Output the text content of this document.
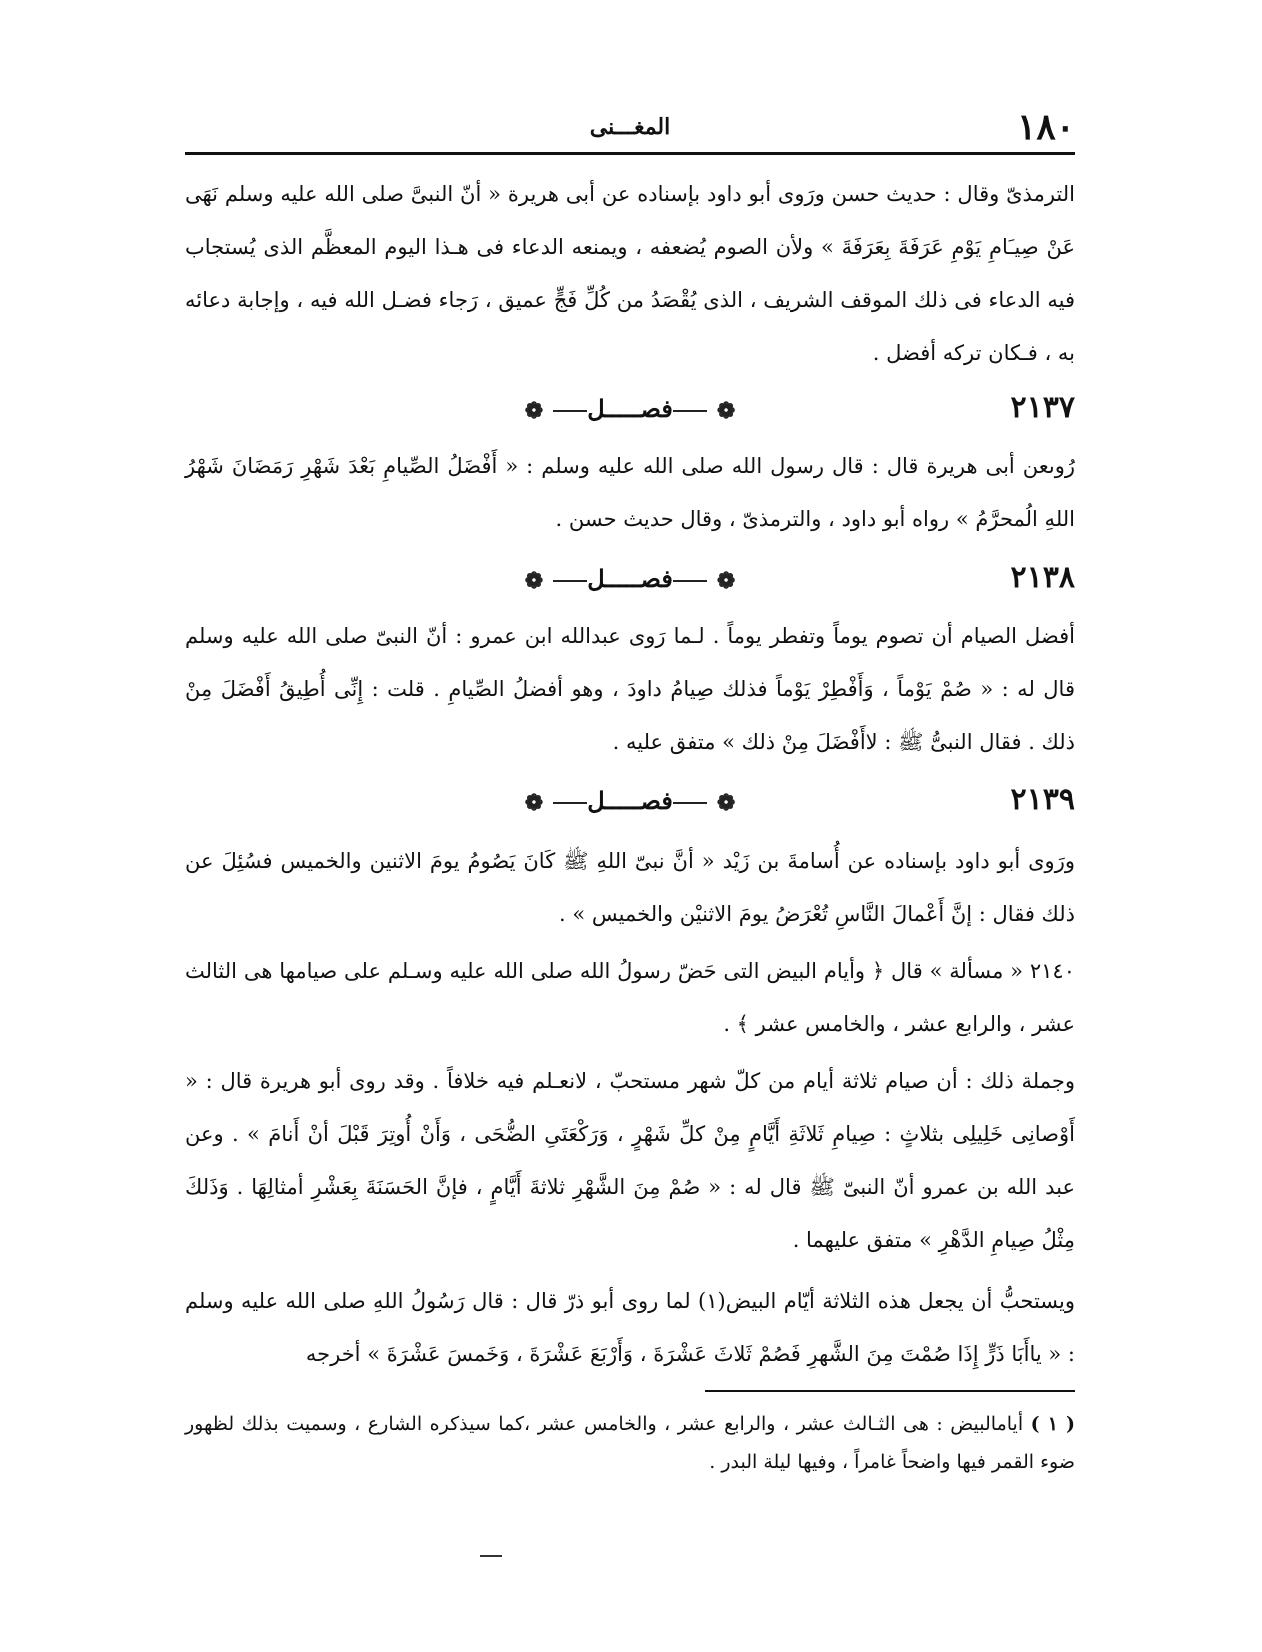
١٨٠
المغـــنى
الترمذىّ وقال : حديث حسن ورَوى أبو داود بإسناده عن أبى هريرة « أنّ النبىَّ صلى الله عليه وسلم نَهَى عَنْ صِيـَامِ يَوْمِ عَرَفَةَ بِعَرَفَةَ » ولأن الصوم يُضعفه ، ويمنعه الدعاء فى هـذا اليوم المعظَّم الذى يُستجاب فيه الدعاء فى ذلك الموقف الشريف ، الذى يُقْصَدُ من كُلِّ فَجٍّ عميق ، رَجاء فضـل الله فيه ، وإجابة دعائه به ، فـكان تركه أفضل .
٢١٣٧
❁فصـــــل❁
رُوىعن أبى هريرة قال : قال رسول الله صلى الله عليه وسلم : « أَفْضَلُ الصِّيامِ بَعْدَ شَهْرِ رَمَضَانَ شَهْرُ اللهِ الُمحرَّمُ » رواه أبو داود ، والترمذىّ ، وقال حديث حسن .
٢١٣٨
❁فصـــــل❁
أفضل الصيام أن تصوم يوماً وتفطر يوماً . لـما رَوى عبدالله ابن عمرو : أنّ النبىّ صلى الله عليه وسلم قال له : « صُمْ يَوْماً ، وَأَفْطِرْ يَوْماً فذلك صِيامُ داودَ ، وهو أفضلُ الصِّيامِ . قلت : إِنِّى أُطِيقُ أَفْضَلَ مِنْ ذلك . فقال النبىُّ ﷺ : لاأَفْضَلَ مِنْ ذلك » متفق عليه .
٢١٣٩
❁فصـــــل❁
ورَوى أبو داود بإسناده عن أُسامةَ بن زَيْد « أنَّ نبىّ اللهِ ﷺ كَانَ يَصُومُ يومَ الاثنين والخميس فسُئِلَ عن ذلك فقال : إنَّ أَعْمالَ النَّاسِ تُعْرَضُ يومَ الاثنيْن والخميس » .
٢١٤٠ « مسألة » قال ﴿ وأيام البيض التى حَضّ رسولُ الله صلى الله عليه وسـلم على صيامها هى الثالث عشر ، والرابع عشر ، والخامس عشر ﴾ .
وجملة ذلك : أن صيام ثلاثة أيام من كلّ شهر مستحبّ ، لانعـلم فيه خلافاً . وقد روى أبو هريرة قال : « أَوْصانِى خَلِيلِى بثلاثٍ : صِيامِ ثَلاثَةِ أَيَّامٍ مِنْ كلِّ شَهْرٍ ، وَرَكْعَتَىِ الضُّحَى ، وَأَنْ أُوتِرَ قَبْلَ أنْ أَنامَ » . وعن عبد الله بن عمرو أنّ النبىّ ﷺ قال له : « صُمْ مِنَ الشَّهْرِ ثلاثةَ أَيَّامٍ ، فإنَّ الحَسَنَةَ بِعَشْرِ أمثالِهَا . وَذَلكَ مِثْلُ صِيامِ الدَّهْرِ » متفق عليهما .
ويستحبُّ أن يجعل هذه الثلاثة أيّام البيض(١) لما روى أبو ذرّ قال : قال رَسُولُ اللهِ صلى الله عليه وسلم : « ياأَبَا ذَرٍّ إِذَا صُمْتَ مِنَ الشَّهرِ فَصُمْ ثَلاثَ عَشْرَةَ ، وَأَرْبَعَ عَشْرَةَ ، وَخَمسَ عَشْرَةَ » أخرجه
( ١ ) أيامالبيض : هى الثـالث عشر ، والرابع عشر ، والخامس عشر ،كما سيذكره الشارع ، وسميت بذلك لظهور ضوء القمر فيها واضحاً غامراً ، وفيها ليلة البدر .
